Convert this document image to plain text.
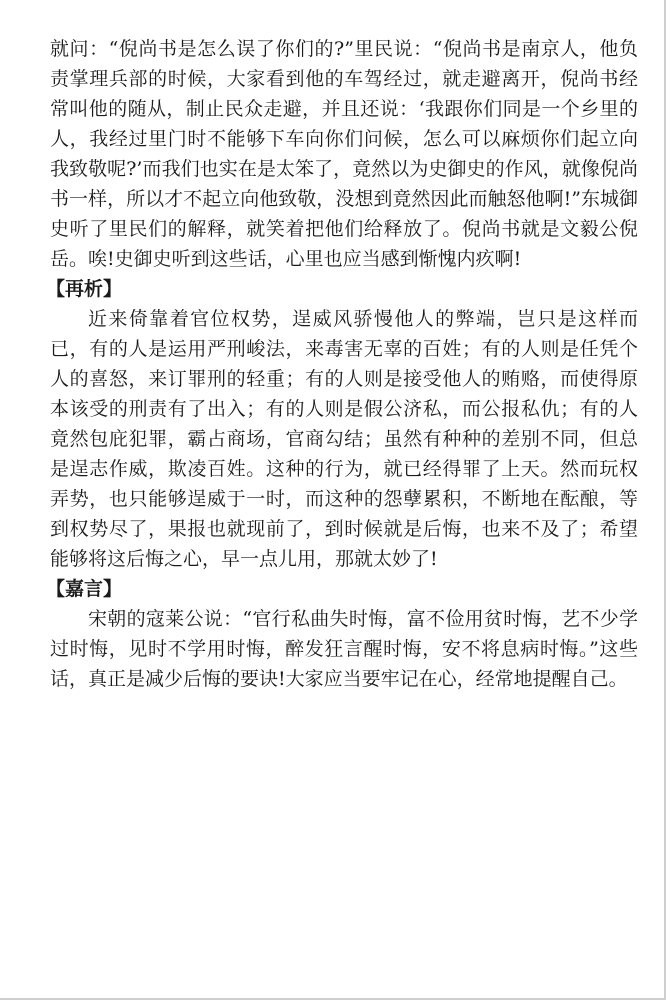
就问：“倪尚书是怎么误了你们的?”里民说：“倪尚书是南京人，他负责掌理兵部的时候，大家看到他的车驾经过，就走避离开，倪尚书经常叫他的随从，制止民众走避，并且还说：‘我跟你们同是一个乡里的人，我经过里门时不能够下车向你们问候，怎么可以麻烦你们起立向我致敬呢?’而我们也实在是太笨了，竟然以为史御史的作风，就像倪尚书一样，所以才不起立向他致敬，没想到竟然因此而触怒他啊!”东城御史听了里民们的解释，就笑着把他们给释放了。倪尚书就是文毅公倪岳。唉!史御史听到这些话，心里也应当感到惭愧内疚啊!

【再析】

近来倚靠着官位权势，逞威风骄慢他人的弊端，岂只是这样而已，有的人是运用严刑峻法，来毒害无辜的百姓；有的人则是任凭个人的喜怒，来订罪刑的轻重；有的人则是接受他人的贿赂，而使得原本该受的刑责有了出入；有的人则是假公济私，而公报私仇；有的人竟然包庇犯罪，霸占商场，官商勾结；虽然有种种的差别不同，但总是逞志作威，欺凌百姓。这种的行为，就已经得罪了上天。然而玩权弄势，也只能够逞威于一时，而这种的怨孽累积，不断地在酝酿，等到权势尽了，果报也就现前了，到时候就是后悔，也来不及了；希望能够将这后悔之心，早一点儿用，那就太妙了!

【嘉言】

宋朝的寇莱公说：“官行私曲失时悔，富不俭用贫时悔，艺不少学过时悔，见时不学用时悔，醉发狂言醒时悔，安不将息病时悔。”这些话，真正是减少后悔的要诀!大家应当要牢记在心，经常地提醒自己。
